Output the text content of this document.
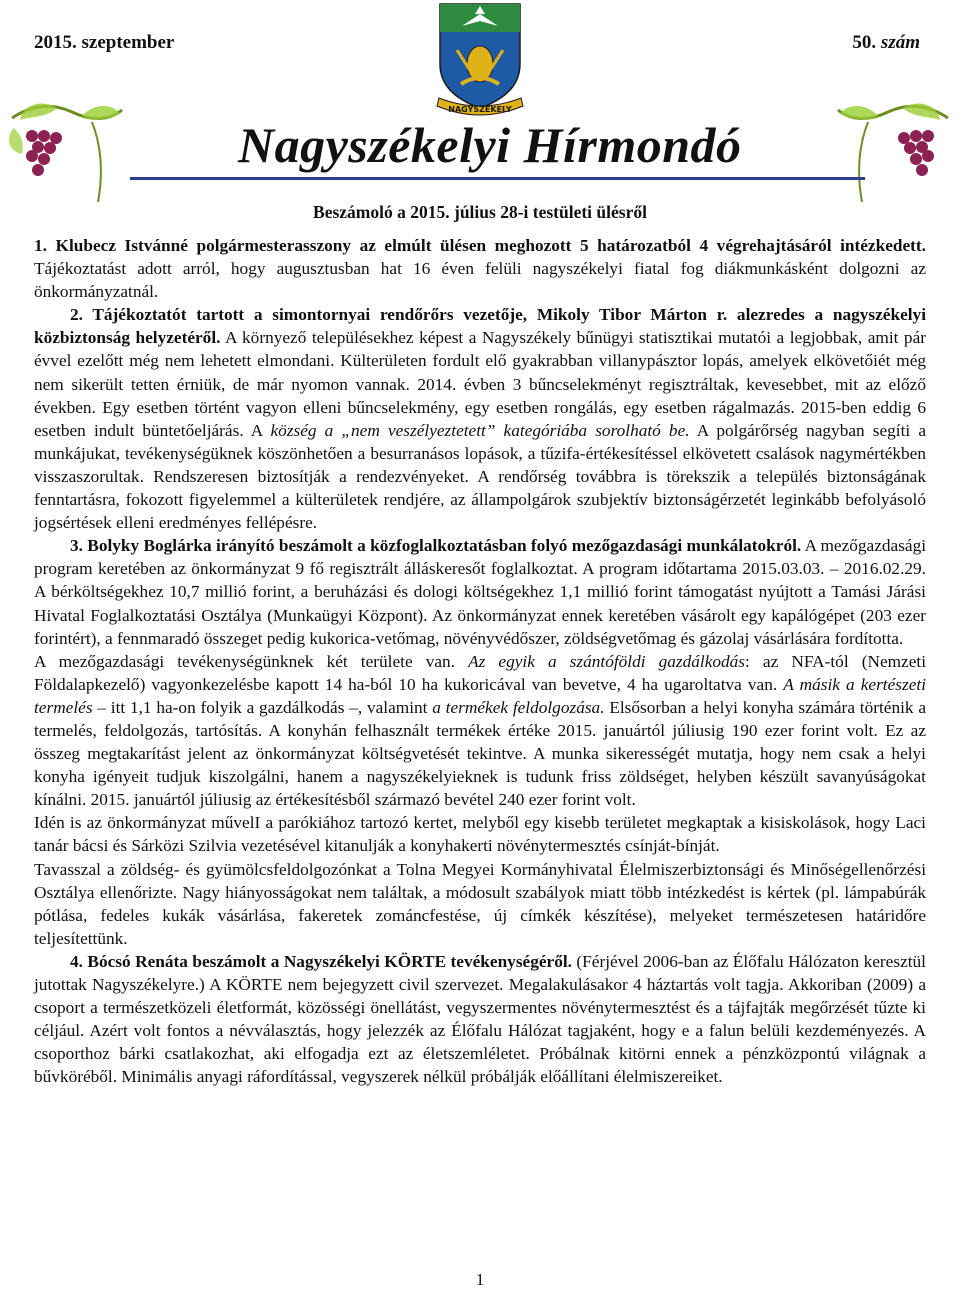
2015. szeptember	50. szám
NAGYSZÉKELY
Nagyszékelyi Hírmondó
Beszámoló a 2015. július 28-i testületi ülésről

1. Klubecz Istvánné polgármesterasszony az elmúlt ülésen meghozott 5 határozatból 4 végrehajtásáról intézkedett. Tájékoztatást adott arról, hogy augusztusban hat 16 éven felüli nagyszékelyi fiatal fog diákmunkásként dolgozni az önkormányzatnál.

2. Tájékoztatót tartott a simontornyai rendőrőrs vezetője, Mikoly Tibor Márton r. alezredes a nagyszékelyi közbiztonság helyzetéről. A környező településekhez képest a Nagyszékely bűnügyi statisztikai mutatói a legjobbak, amit pár évvel ezelőtt még nem lehetett elmondani. Külterületen fordult elő gyakrabban villanypásztor lopás, amelyek elkövetőiét még nem sikerült tetten érniük, de már nyomon vannak. 2014. évben 3 bűncselekményt regisztráltak, kevesebbet, mit az előző években. Egy esetben történt vagyon elleni bűncselekmény, egy esetben rongálás, egy esetben rágalmazás. 2015-ben eddig 6 esetben indult büntetőeljárás. A község a „nem veszélyeztetett” kategóriába sorolható be. A polgárőrség nagyban segíti a munkájukat, tevékenységüknek köszönhetően a besurranásos lopások, a tűzifa-értékesítéssel elkövetett csalások nagymértékben visszaszorultak. Rendszeresen biztosítják a rendezvényeket. A rendőrség továbbra is törekszik a település biztonságának fenntartásra, fokozott figyelemmel a külterületek rendjére, az állampolgárok szubjektív biztonságérzetét leginkább befolyásoló jogsértések elleni eredményes fellépésre.

3. Bolyky Boglárka irányító beszámolt a közfoglalkoztatásban folyó mezőgazdasági munkálatokról. A mezőgazdasági program keretében az önkormányzat 9 fő regisztrált álláskeresőt foglalkoztat. A program időtartama 2015.03.03. – 2016.02.29. A bérköltségekhez 10,7 millió forint, a beruházási és dologi költségekhez 1,1 millió forint támogatást nyújtott a Tamási Járási Hivatal Foglalkoztatási Osztálya (Munkaügyi Központ). Az önkormányzat ennek keretében vásárolt egy kapálógépet (203 ezer forintért), a fennmaradó összeget pedig kukorica-vetőmag, növényvédőszer, zöldségvetőmag és gázolaj vásárlására fordította.

A mezőgazdasági tevékenységünknek két területe van. Az egyik a szántóföldi gazdálkodás: az NFA-tól (Nemzeti Földalapkezelő) vagyonkezelésbe kapott 14 ha-ból 10 ha kukoricával van bevetve, 4 ha ugaroltatva van. A másik a kertészeti termelés – itt 1,1 ha-on folyik a gazdálkodás –, valamint a termékek feldolgozása. Elsősorban a helyi konyha számára történik a termelés, feldolgozás, tartósítás. A konyhán felhasznált termékek értéke 2015. januártól júliusig 190 ezer forint volt. Ez az összeg megtakarítást jelent az önkormányzat költségvetését tekintve. A munka sikerességét mutatja, hogy nem csak a helyi konyha igényeit tudjuk kiszolgálni, hanem a nagyszékelyieknek is tudunk friss zöldséget, helyben készült savanyúságokat kínálni. 2015. januártól júliusig az értékesítésből származó bevétel 240 ezer forint volt.

Idén is az önkormányzat művelI a parókiához tartozó kertet, melyből egy kisebb területet megkaptak a kisiskolások, hogy Laci tanár bácsi és Sárközi Szilvia vezetésével kitanulják a konyhakerti növénytermesztés csínját-bínját.

Tavasszal a zöldség- és gyümölcsfeldolgozónkat a Tolna Megyei Kormányhivatal Élelmiszerbiztonsági és Minőségellenőrzési Osztálya ellenőrizte. Nagy hiányosságokat nem találtak, a módosult szabályok miatt több intézkedést is kértek (pl. lámpabúrák pótlása, fedeles kukák vásárlása, fakeretek zománcfestése, új címkék készítése), melyeket természetesen határidőre teljesítettünk.

4. Bócsó Renáta beszámolt a Nagyszékelyi KÖRTE tevékenységéről. (Férjével 2006-ban az Élőfalu Hálózaton keresztül jutottak Nagyszékelyre.) A KÖRTE nem bejegyzett civil szervezet. Megalakulásakor 4 háztartás volt tagja. Akkoriban (2009) a csoport a természetközeli életformát, közösségi önellátást, vegyszermentes növénytermesztést és a tájfajták megőrzését tűzte ki céljául. Azért volt fontos a névválasztás, hogy jelezzék az Élőfalu Hálózat tagjaként, hogy e a falun belüli kezdeményezés. A csoporthoz bárki csatlakozhat, aki elfogadja ezt az életszemléletet. Próbálnak kitörni ennek a pénzközpontú világnak a bűvköréből. Minimális anyagi ráfordítással, vegyszerek nélkül próbálják előállítani élelmiszereiket.

1
